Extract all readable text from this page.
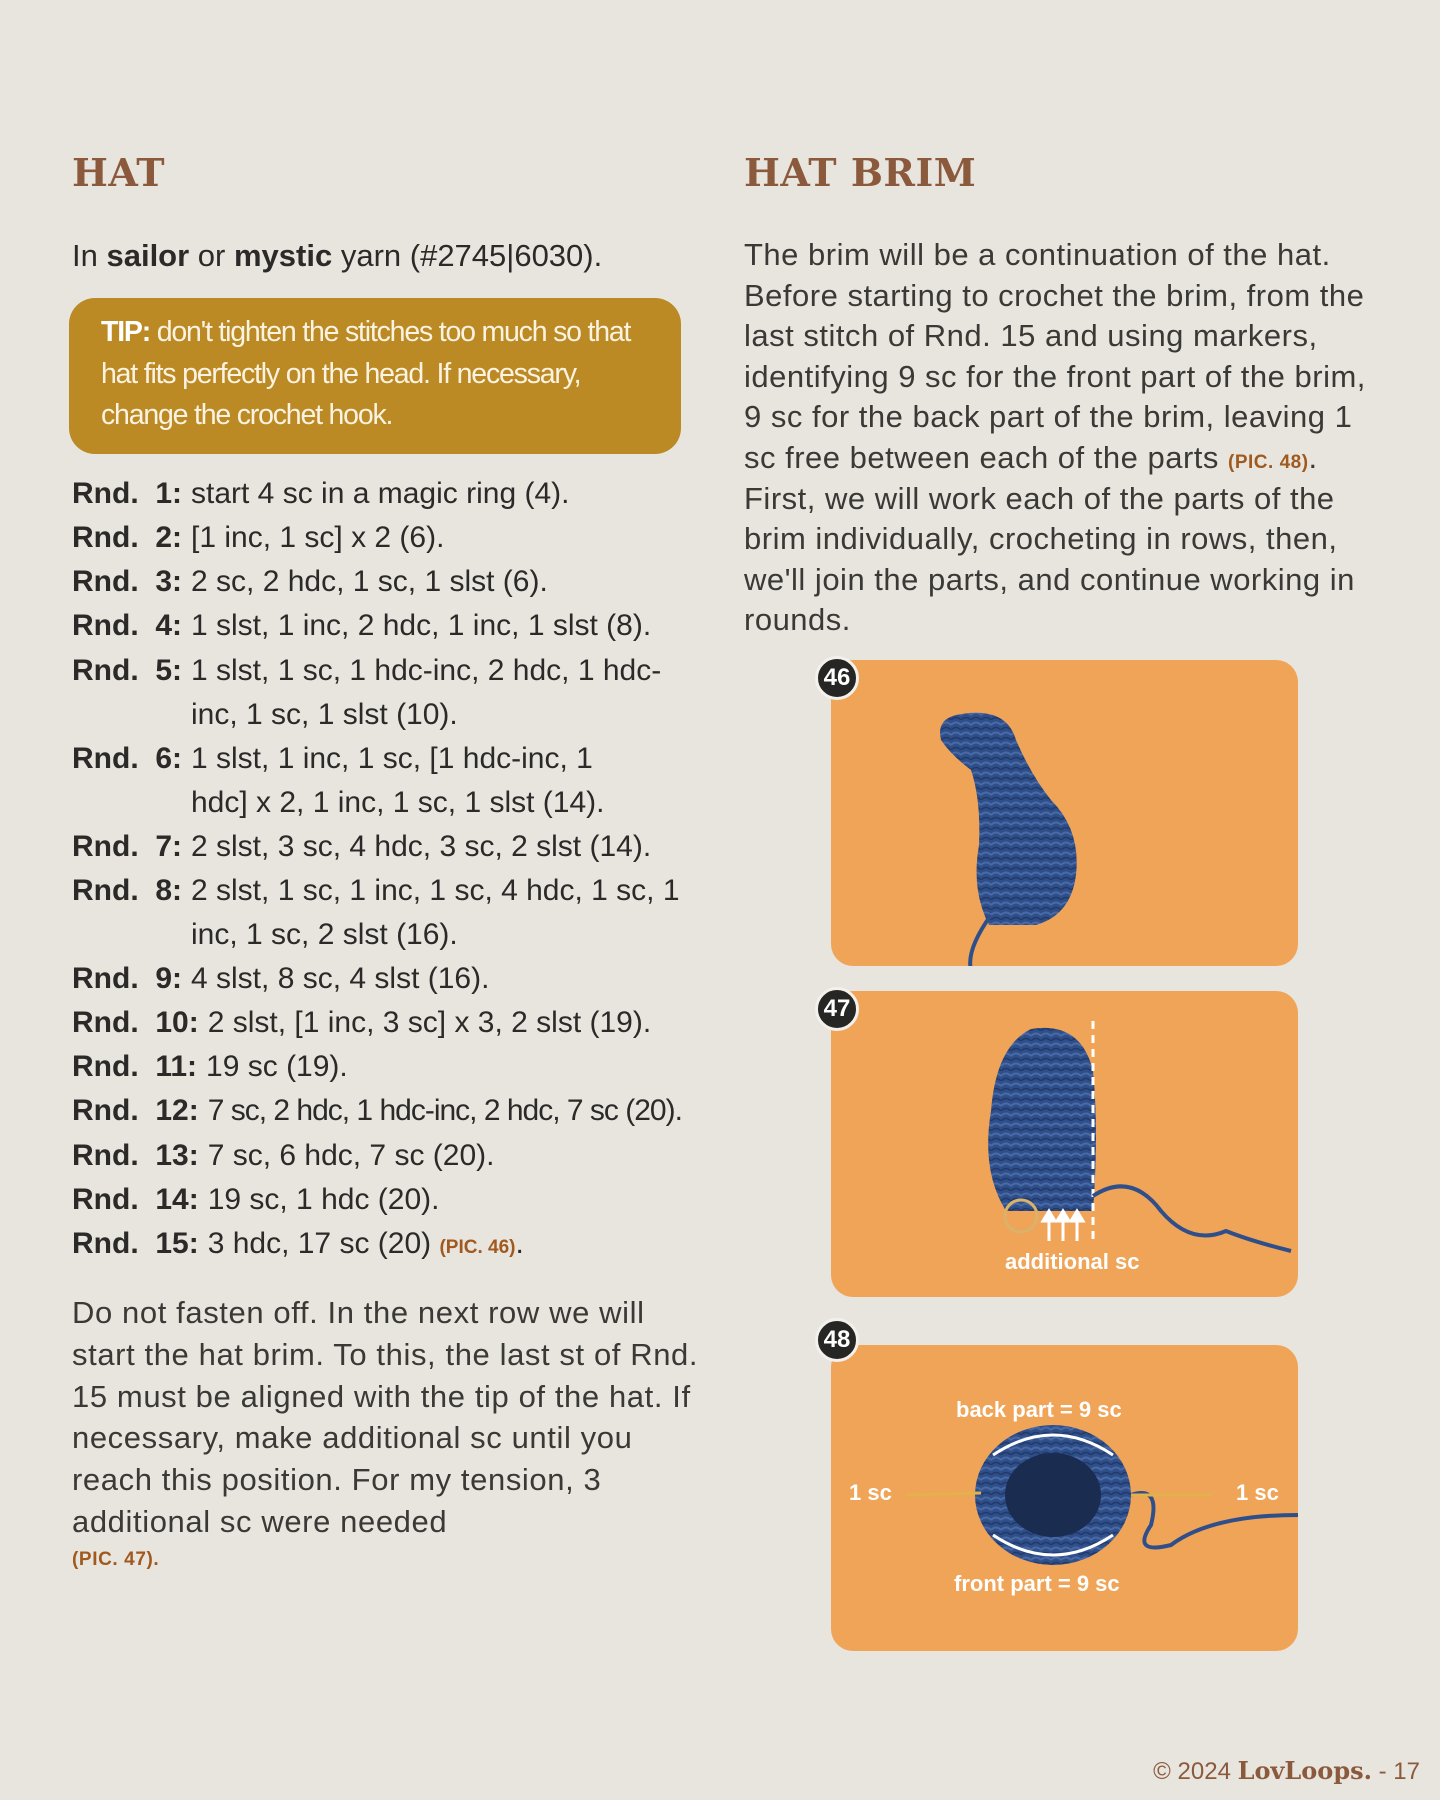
HAT
In sailor or mystic yarn (#2745|6030).
TIP: don't tighten the stitches too much so that hat fits perfectly on the head. If necessary, change the crochet hook.
Rnd.  1: start 4 sc in a magic ring (4).
Rnd.  2: [1 inc, 1 sc] x 2 (6).
Rnd.  3: 2 sc, 2 hdc, 1 sc, 1 slst (6).
Rnd.  4: 1 slst, 1 inc, 2 hdc, 1 inc, 1 slst (8).
Rnd.  5: 1 slst, 1 sc, 1 hdc-inc, 2 hdc, 1 hdc-inc, 1 sc, 1 slst (10).
Rnd.  6: 1 slst, 1 inc, 1 sc, [1 hdc-inc, 1 hdc] x 2, 1 inc, 1 sc, 1 slst (14).
Rnd.  7: 2 slst, 3 sc, 4 hdc, 3 sc, 2 slst (14).
Rnd.  8: 2 slst, 1 sc, 1 inc, 1 sc, 4 hdc, 1 sc, 1 inc, 1 sc, 2 slst (16).
Rnd.  9: 4 slst, 8 sc, 4 slst (16).
Rnd.  10: 2 slst, [1 inc, 3 sc] x 3, 2 slst (19).
Rnd.  11: 19 sc (19).
Rnd.  12: 7 sc, 2 hdc, 1 hdc-inc, 2 hdc, 7 sc (20).
Rnd.  13: 7 sc, 6 hdc, 7 sc (20).
Rnd.  14: 19 sc, 1 hdc (20).
Rnd.  15: 3 hdc, 17 sc (20) (PIC. 46).
Do not fasten off. In the next row we will start the hat brim. To this, the last st of Rnd. 15 must be aligned with the tip of the hat. If necessary, make additional sc until you reach this position. For my tension, 3 additional sc were needed
(PIC. 47).
HAT BRIM
The brim will be a continuation of the hat. Before starting to crochet the brim, from the last stitch of Rnd. 15 and using markers, identifying 9 sc for the front part of the brim, 9 sc for the back part of the brim, leaving 1 sc free between each of the parts (PIC. 48). First, we will work each of the parts of the brim individually, crocheting in rows, then, we'll join the parts, and continue working in rounds.
46
additional sc
47
back part = 9 sc
front part = 9 sc
1 sc	1 sc
48
© 2024 LovLoops. - 17
